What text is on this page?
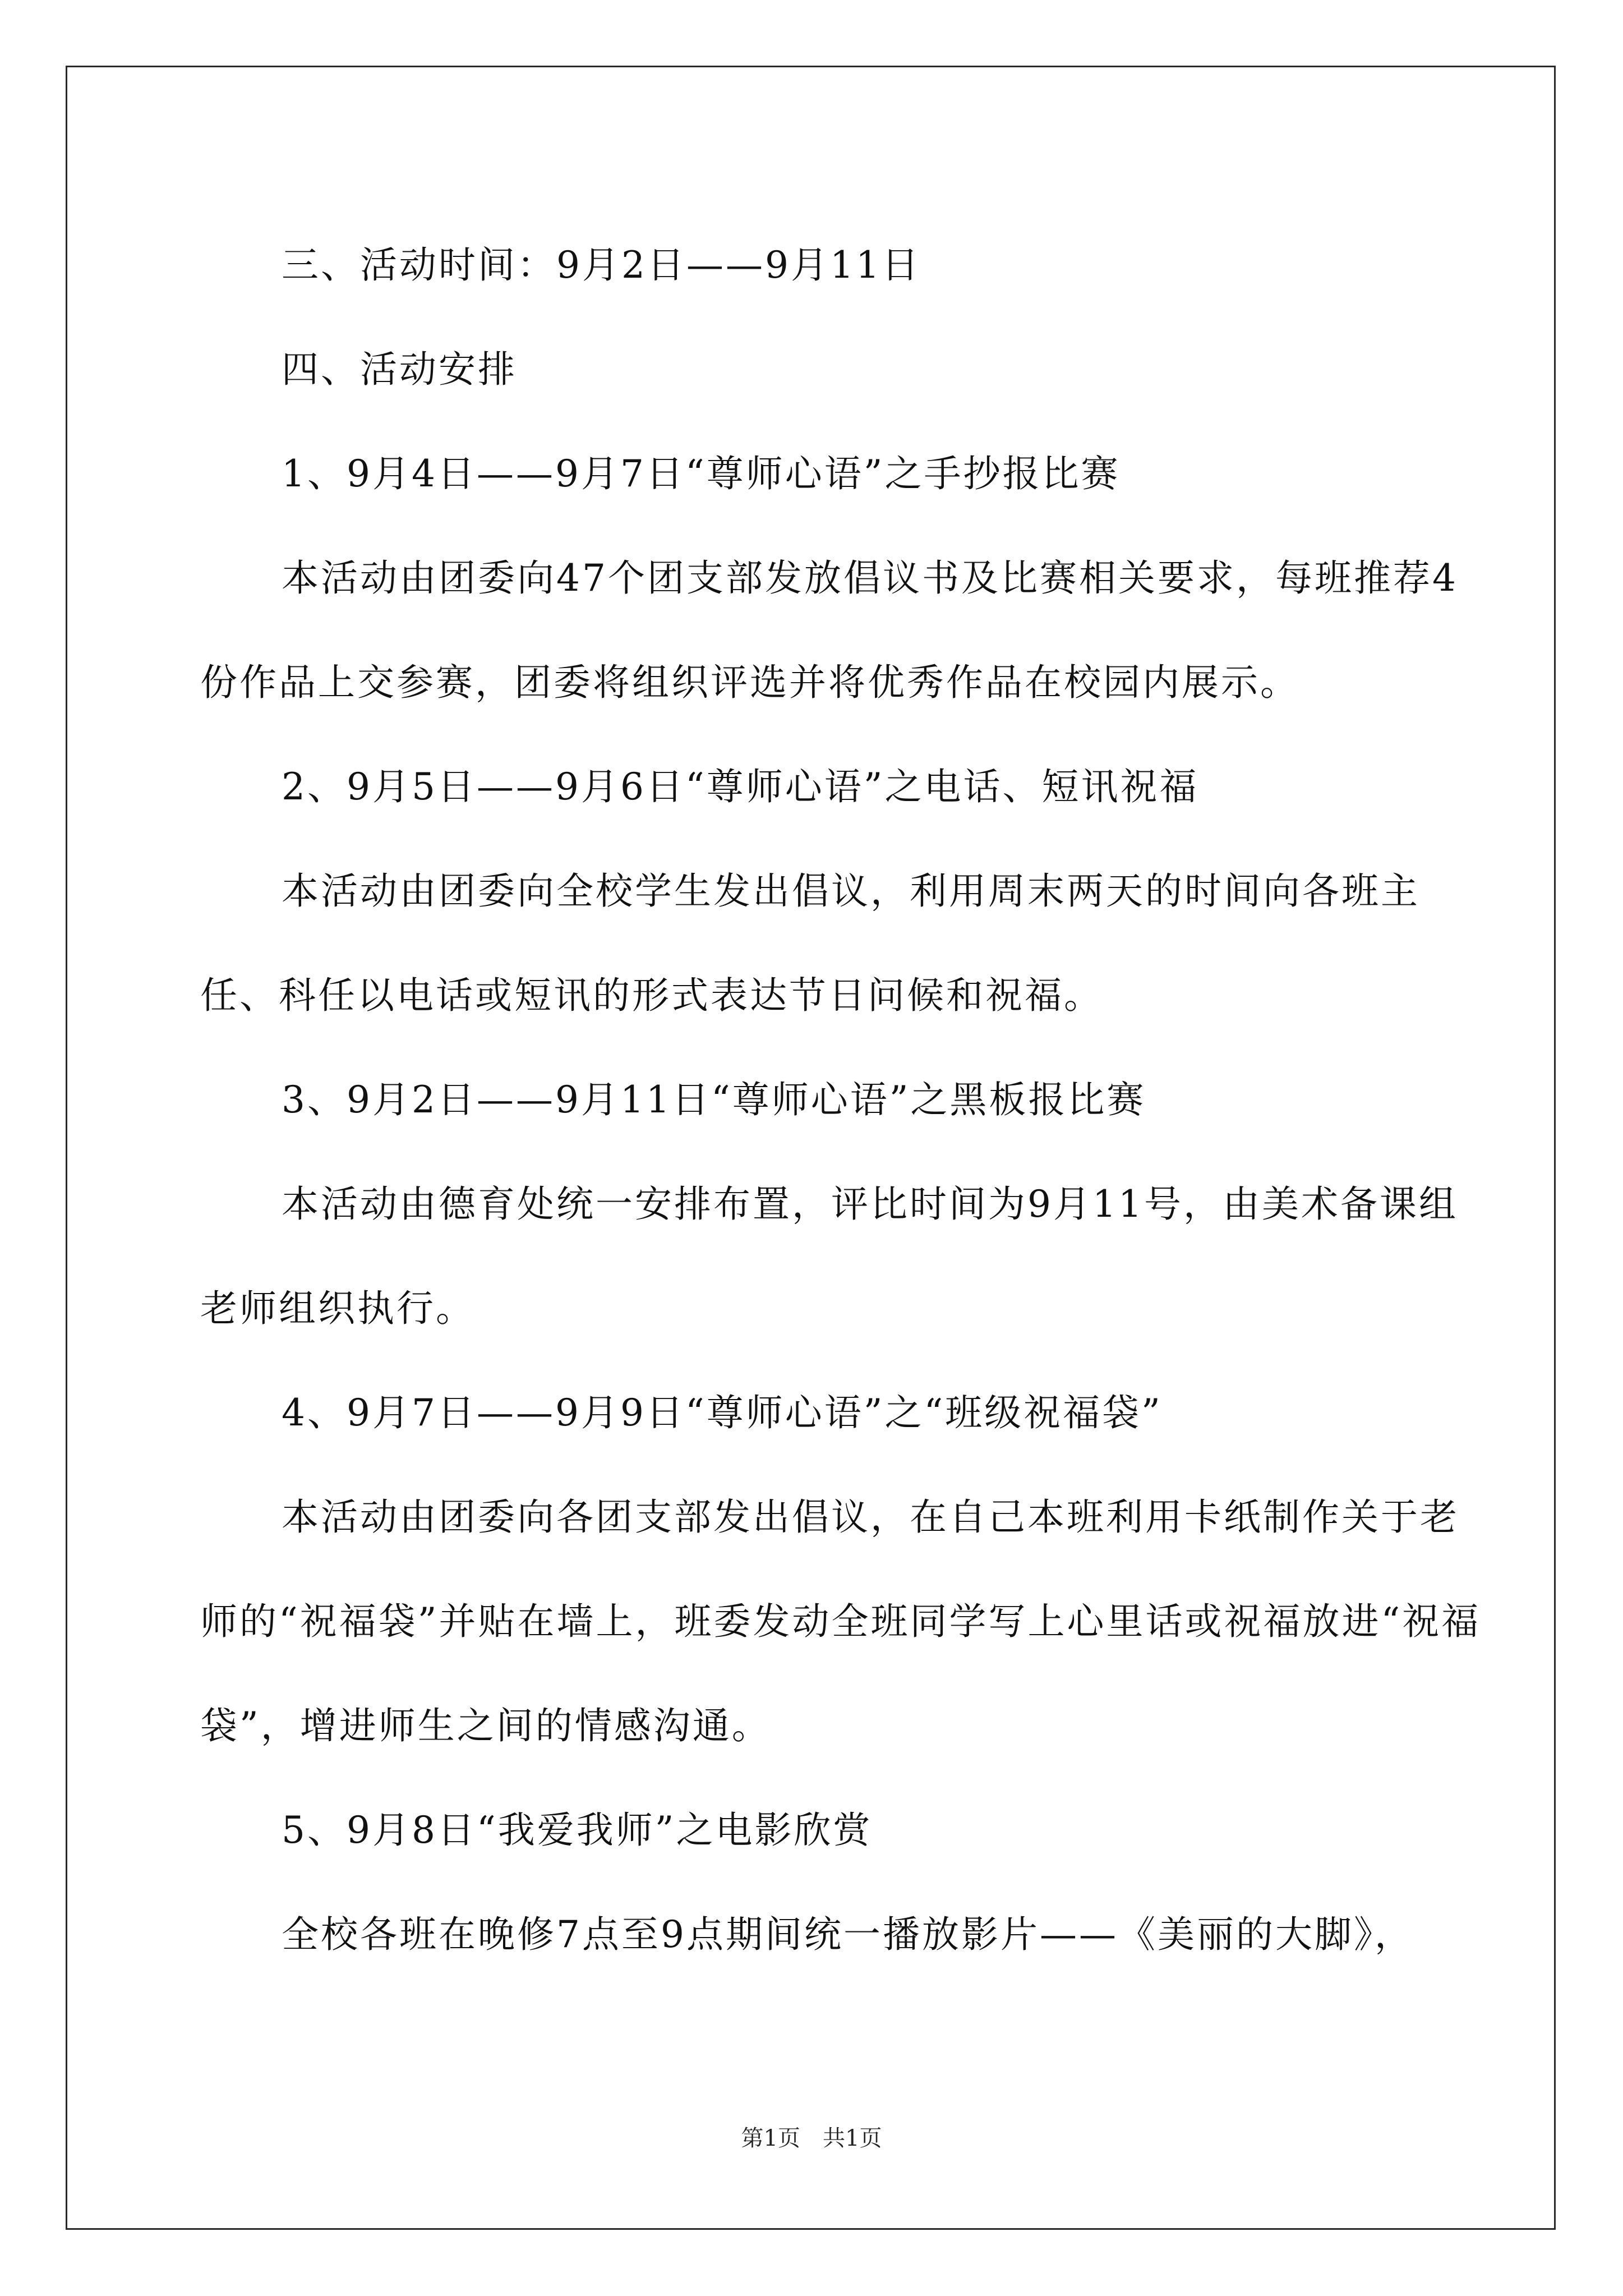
三、活动时间：9月2日——9月11日

四、活动安排

1、9月4日——9月7日“尊师心语”之手抄报比赛

本活动由团委向47个团支部发放倡议书及比赛相关要求，每班推荐4份作品上交参赛，团委将组织评选并将优秀作品在校园内展示。

2、9月5日——9月6日“尊师心语”之电话、短讯祝福

本活动由团委向全校学生发出倡议，利用周末两天的时间向各班主任、科任以电话或短讯的形式表达节日问候和祝福。

3、9月2日——9月11日“尊师心语”之黑板报比赛

本活动由德育处统一安排布置，评比时间为9月11号，由美术备课组老师组织执行。

4、9月7日——9月9日“尊师心语”之“班级祝福袋”

本活动由团委向各团支部发出倡议，在自己本班利用卡纸制作关于老师的“祝福袋”并贴在墙上，班委发动全班同学写上心里话或祝福放进“祝福袋”，增进师生之间的情感沟通。

5、9月8日“我爱我师”之电影欣赏

全校各班在晚修7点至9点期间统一播放影片——《美丽的大脚》，

第1页　共1页
